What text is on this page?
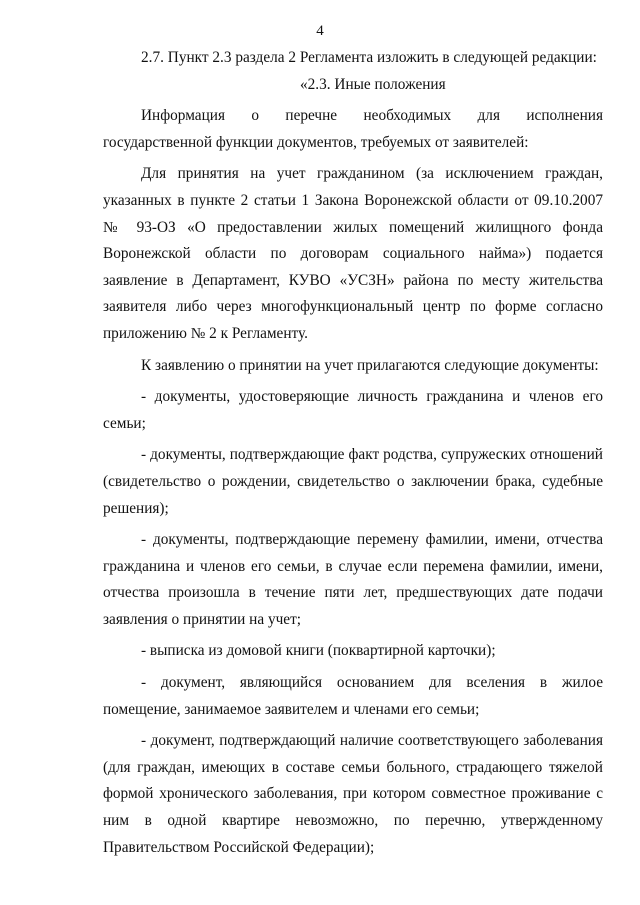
4

2.7. Пункт 2.3 раздела 2 Регламента изложить в следующей редакции:

«2.3. Иные положения

Информация о перечне необходимых для исполнения государственной функции документов, требуемых от заявителей:

Для принятия на учет гражданином (за исключением граждан, указанных в пункте 2 статьи 1 Закона Воронежской области от 09.10.2007 № 93-ОЗ «О предоставлении жилых помещений жилищного фонда Воронежской области по договорам социального найма») подается заявление в Департамент, КУВО «УСЗН» района по месту жительства заявителя либо через многофункциональный центр по форме согласно приложению № 2 к Регламенту.

К заявлению о принятии на учет прилагаются следующие документы:

- документы, удостоверяющие личность гражданина и членов его семьи;

- документы, подтверждающие факт родства, супружеских отношений (свидетельство о рождении, свидетельство о заключении брака, судебные решения);

- документы, подтверждающие перемену фамилии, имени, отчества гражданина и членов его семьи, в случае если перемена фамилии, имени, отчества произошла в течение пяти лет, предшествующих дате подачи заявления о принятии на учет;

- выписка из домовой книги (поквартирной карточки);

- документ, являющийся основанием для вселения в жилое помещение, занимаемое заявителем и членами его семьи;

- документ, подтверждающий наличие соответствующего заболевания (для граждан, имеющих в составе семьи больного, страдающего тяжелой формой хронического заболевания, при котором совместное проживание с ним в одной квартире невозможно, по перечню, утвержденному Правительством Российской Федерации);
